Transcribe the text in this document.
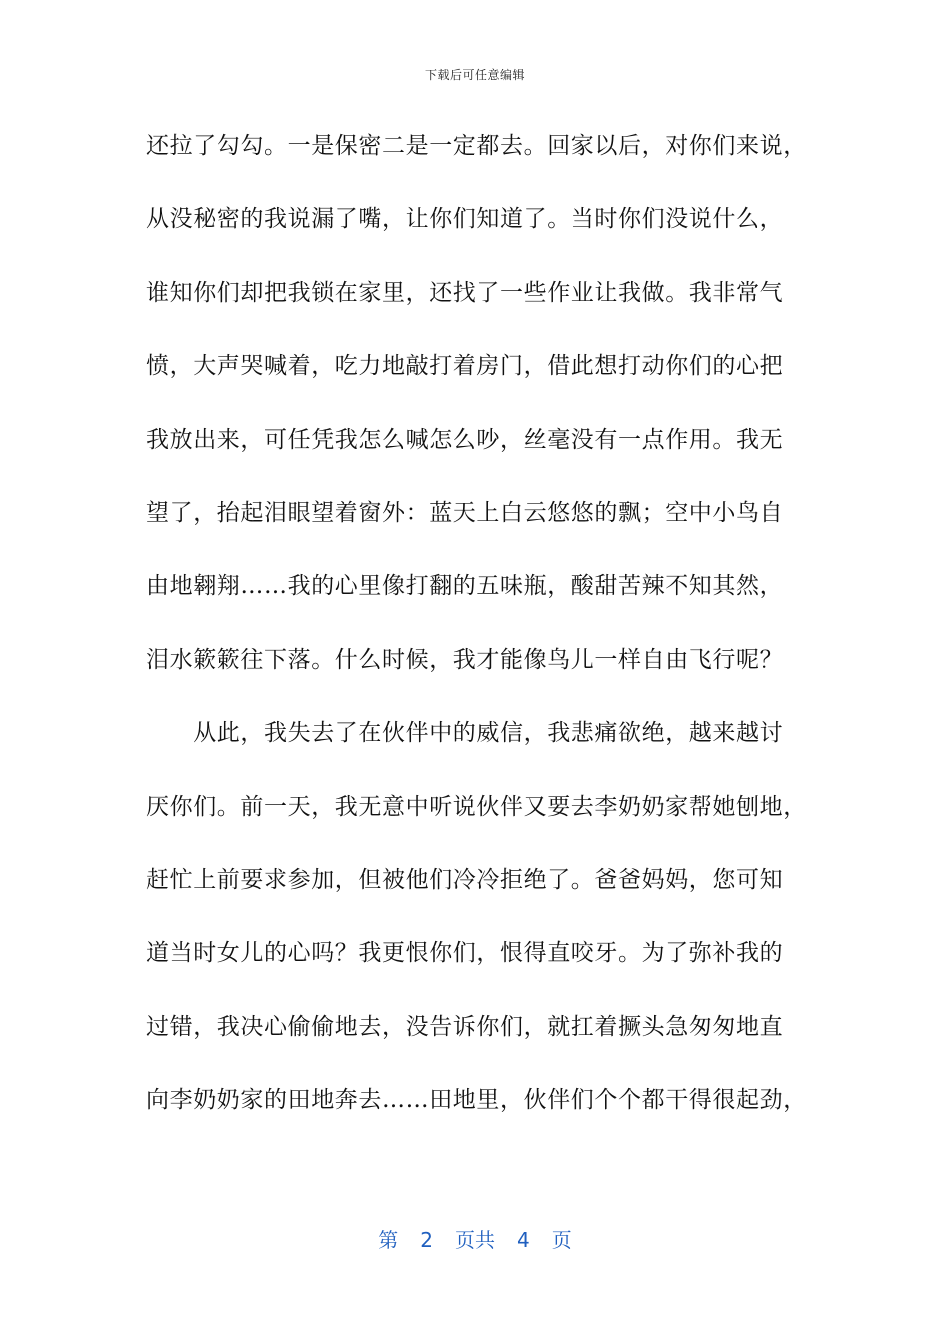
下载后可任意编辑
还拉了勾勾。一是保密二是一定都去。回家以后，对你们来说，
从没秘密的我说漏了嘴，让你们知道了。当时你们没说什么，
谁知你们却把我锁在家里，还找了一些作业让我做。我非常气
愤，大声哭喊着，吃力地敲打着房门，借此想打动你们的心把
我放出来，可任凭我怎么喊怎么吵，丝毫没有一点作用。我无
望了，抬起泪眼望着窗外：蓝天上白云悠悠的飘；空中小鸟自
由地翱翔……我的心里像打翻的五味瓶，酸甜苦辣不知其然，
泪水簌簌往下落。什么时候，我才能像鸟儿一样自由飞行呢？
　　从此，我失去了在伙伴中的威信，我悲痛欲绝，越来越讨
厌你们。前一天，我无意中听说伙伴又要去李奶奶家帮她刨地，
赶忙上前要求参加，但被他们冷冷拒绝了。爸爸妈妈，您可知
道当时女儿的心吗？我更恨你们，恨得直咬牙。为了弥补我的
过错，我决心偷偷地去，没告诉你们，就扛着撅头急匆匆地直
向李奶奶家的田地奔去……田地里，伙伴们个个都干得很起劲，
第 2 页共 4 页
